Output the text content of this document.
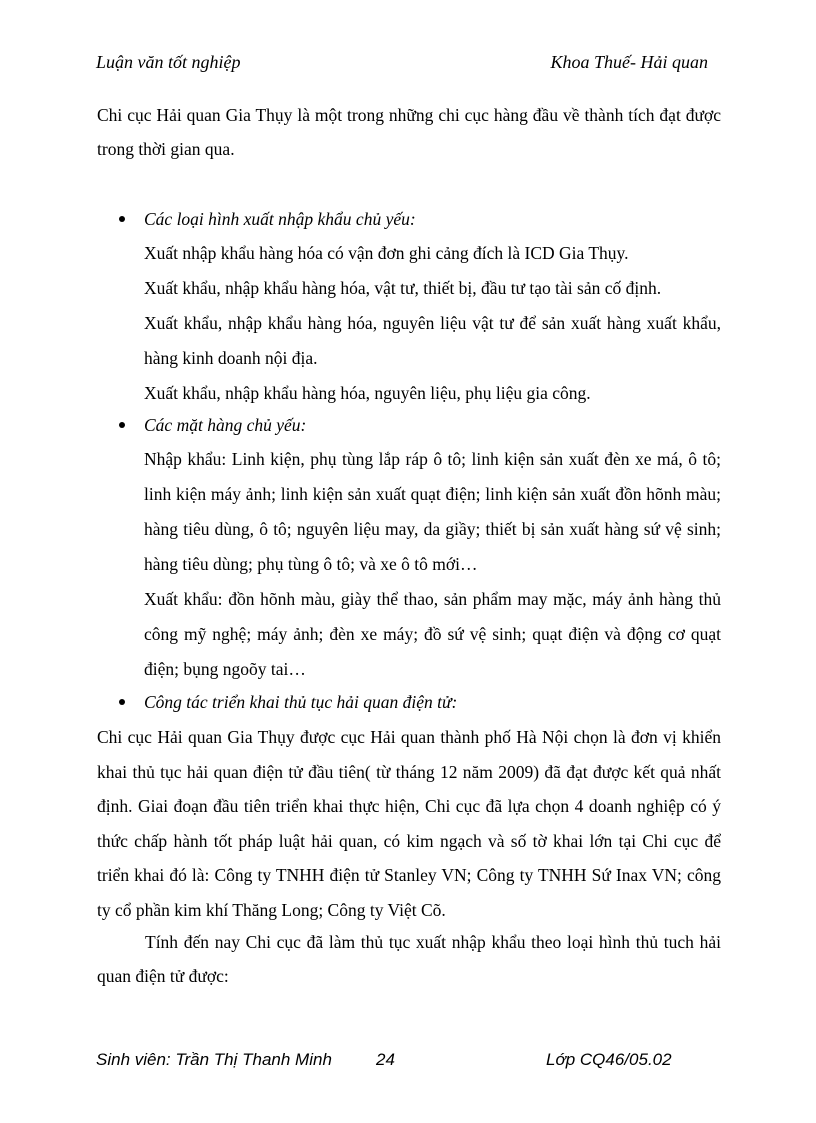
Luận văn tốt nghiệp	Khoa Thuế- Hải quan

Chi cục Hải quan Gia Thụy là một trong những chi cục hàng đầu về thành tích đạt được trong thời gian qua.

Các loại hình xuất nhập khẩu chủ yếu:

Xuất nhập khẩu hàng hóa có vận đơn ghi cảng đích là ICD Gia Thụy.

Xuất khẩu, nhập khẩu hàng hóa, vật tư, thiết bị, đầu tư tạo tài sản cố định.

Xuất khẩu, nhập khẩu hàng hóa, nguyên liệu vật tư để sản xuất hàng xuất khẩu, hàng kinh doanh nội địa.

Xuất khẩu, nhập khẩu hàng hóa, nguyên liệu, phụ liệu gia công.

Các mặt hàng chủ yếu:

Nhập khẩu: Linh kiện, phụ tùng lắp ráp ô tô; linh kiện sản xuất đèn xe má, ô tô; linh kiện máy ảnh; linh kiện sản xuất quạt điện; linh kiện sản xuất đồn hõnh màu; hàng tiêu dùng, ô tô; nguyên liệu may, da giầy; thiết bị sản xuất hàng sứ vệ sinh; hàng tiêu dùng; phụ tùng ô tô; và xe ô tô mới…

Xuất khẩu: đồn hõnh màu, giày thể thao, sản phẩm may mặc, máy ảnh hàng thủ công mỹ nghệ; máy ảnh; đèn xe máy; đồ sứ vệ sinh; quạt điện và động cơ quạt điện; bụng ngoõy tai…

Công tác triển khai thủ tục hải quan điện tử:

Chi cục Hải quan Gia Thụy được cục Hải quan thành phố Hà Nội chọn là đơn vị khiển khai thủ tục hải quan điện tử đầu tiên( từ tháng 12 năm 2009) đã đạt được kết quả nhất định. Giai đoạn đầu tiên triển khai thực hiện, Chi cục đã lựa chọn 4 doanh nghiệp có ý thức chấp hành tốt pháp luật hải quan, có kim ngạch và số tờ khai lớn tại Chi cục để triển khai đó là: Công ty TNHH điện tử Stanley VN; Công ty TNHH Sứ Inax VN; công ty cổ phần kim khí Thăng Long; Công ty Việt Cõ.

Tính đến nay Chi cục đã làm thủ tục xuất nhập khẩu theo loại hình thủ tuch hải quan điện tử được:

Sinh viên: Trần Thị Thanh Minh	24	Lớp CQ46/05.02
